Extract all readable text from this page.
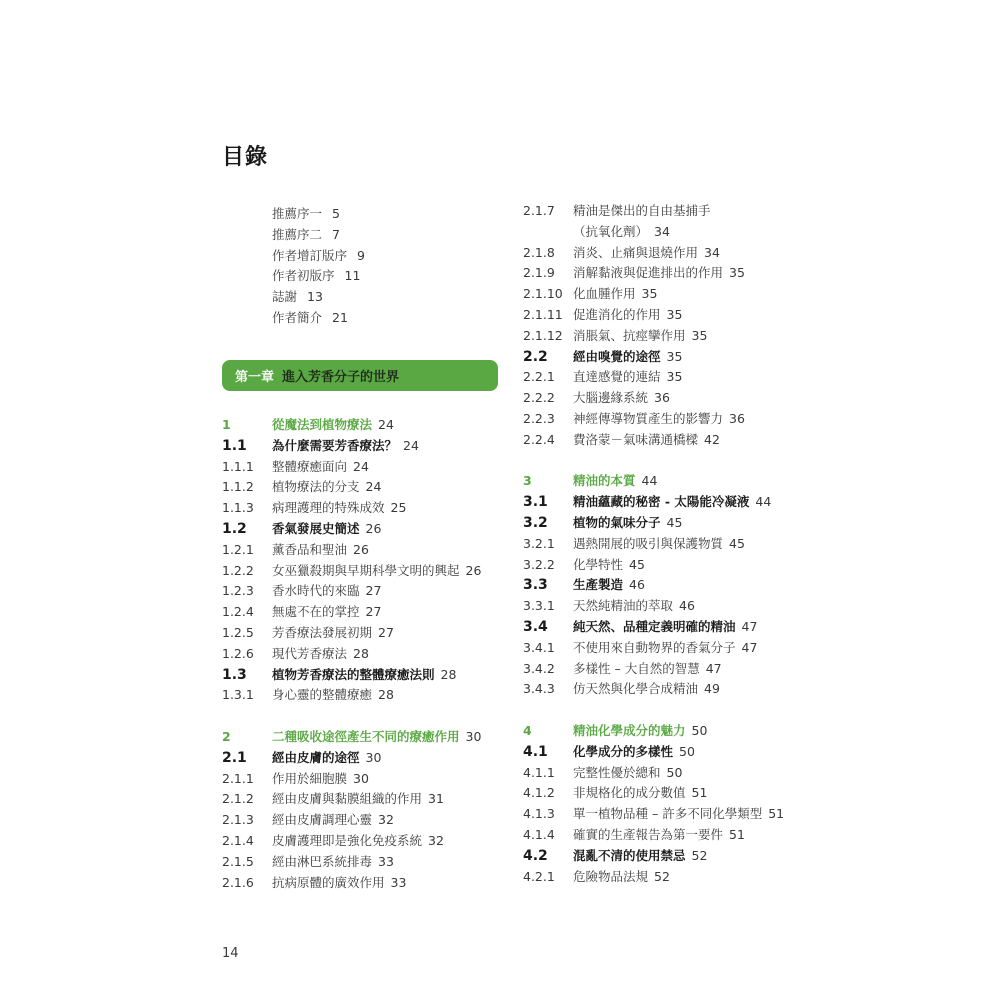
目錄
推薦序一 5
推薦序二 7
作者增訂版序 9
作者初版序 11
誌謝 13
作者簡介 21
第一章 進入芳香分子的世界
1	從魔法到植物療法 24
1.1	為什麼需要芳香療法？ 24
1.1.1	整體療癒面向 24
1.1.2	植物療法的分支 24
1.1.3	病理護理的特殊成效 25
1.2	香氣發展史簡述 26
1.2.1	薰香品和聖油 26
1.2.2	女巫獵殺期與早期科學文明的興起 26
1.2.3	香水時代的來臨 27
1.2.4	無處不在的掌控 27
1.2.5	芳香療法發展初期 27
1.2.6	現代芳香療法 28
1.3	植物芳香療法的整體療癒法則 28
1.3.1	身心靈的整體療癒 28
2	二種吸收途徑產生不同的療癒作用 30
2.1	經由皮膚的途徑 30
2.1.1	作用於細胞膜 30
2.1.2	經由皮膚與黏膜組織的作用 31
2.1.3	經由皮膚調理心靈 32
2.1.4	皮膚護理即是強化免疫系統 32
2.1.5	經由淋巴系統排毒 33
2.1.6	抗病原體的廣效作用 33
2.1.7	精油是傑出的自由基捕手
（抗氧化劑） 34
2.1.8	消炎、止痛與退燒作用 34
2.1.9	消解黏液與促進排出的作用 35
2.1.10 化血腫作用 35
2.1.11 促進消化的作用 35
2.1.12 消脹氣、抗痙攣作用 35
2.2	經由嗅覺的途徑 35
2.2.1	直達感覺的連結 35
2.2.2	大腦邊緣系統 36
2.2.3	神經傳導物質產生的影響力 36
2.2.4	費洛蒙－氣味溝通橋樑 42
3	精油的本質 44
3.1	精油蘊藏的秘密 - 太陽能冷凝液 44
3.2	植物的氣味分子 45
3.2.1	遇熱開展的吸引與保護物質 45
3.2.2	化學特性 45
3.3	生產製造 46
3.3.1	天然純精油的萃取 46
3.4	純天然、品種定義明確的精油 47
3.4.1	不使用來自動物界的香氣分子 47
3.4.2	多樣性 – 大自然的智慧 47
3.4.3	仿天然與化學合成精油 49
4	精油化學成分的魅力 50
4.1	化學成分的多樣性 50
4.1.1	完整性優於總和 50
4.1.2	非規格化的成分數值 51
4.1.3	單一植物品種 – 許多不同化學類型 51
4.1.4	確實的生產報告為第一要件 51
4.2	混亂不清的使用禁忌 52
4.2.1	危險物品法規 52
14
